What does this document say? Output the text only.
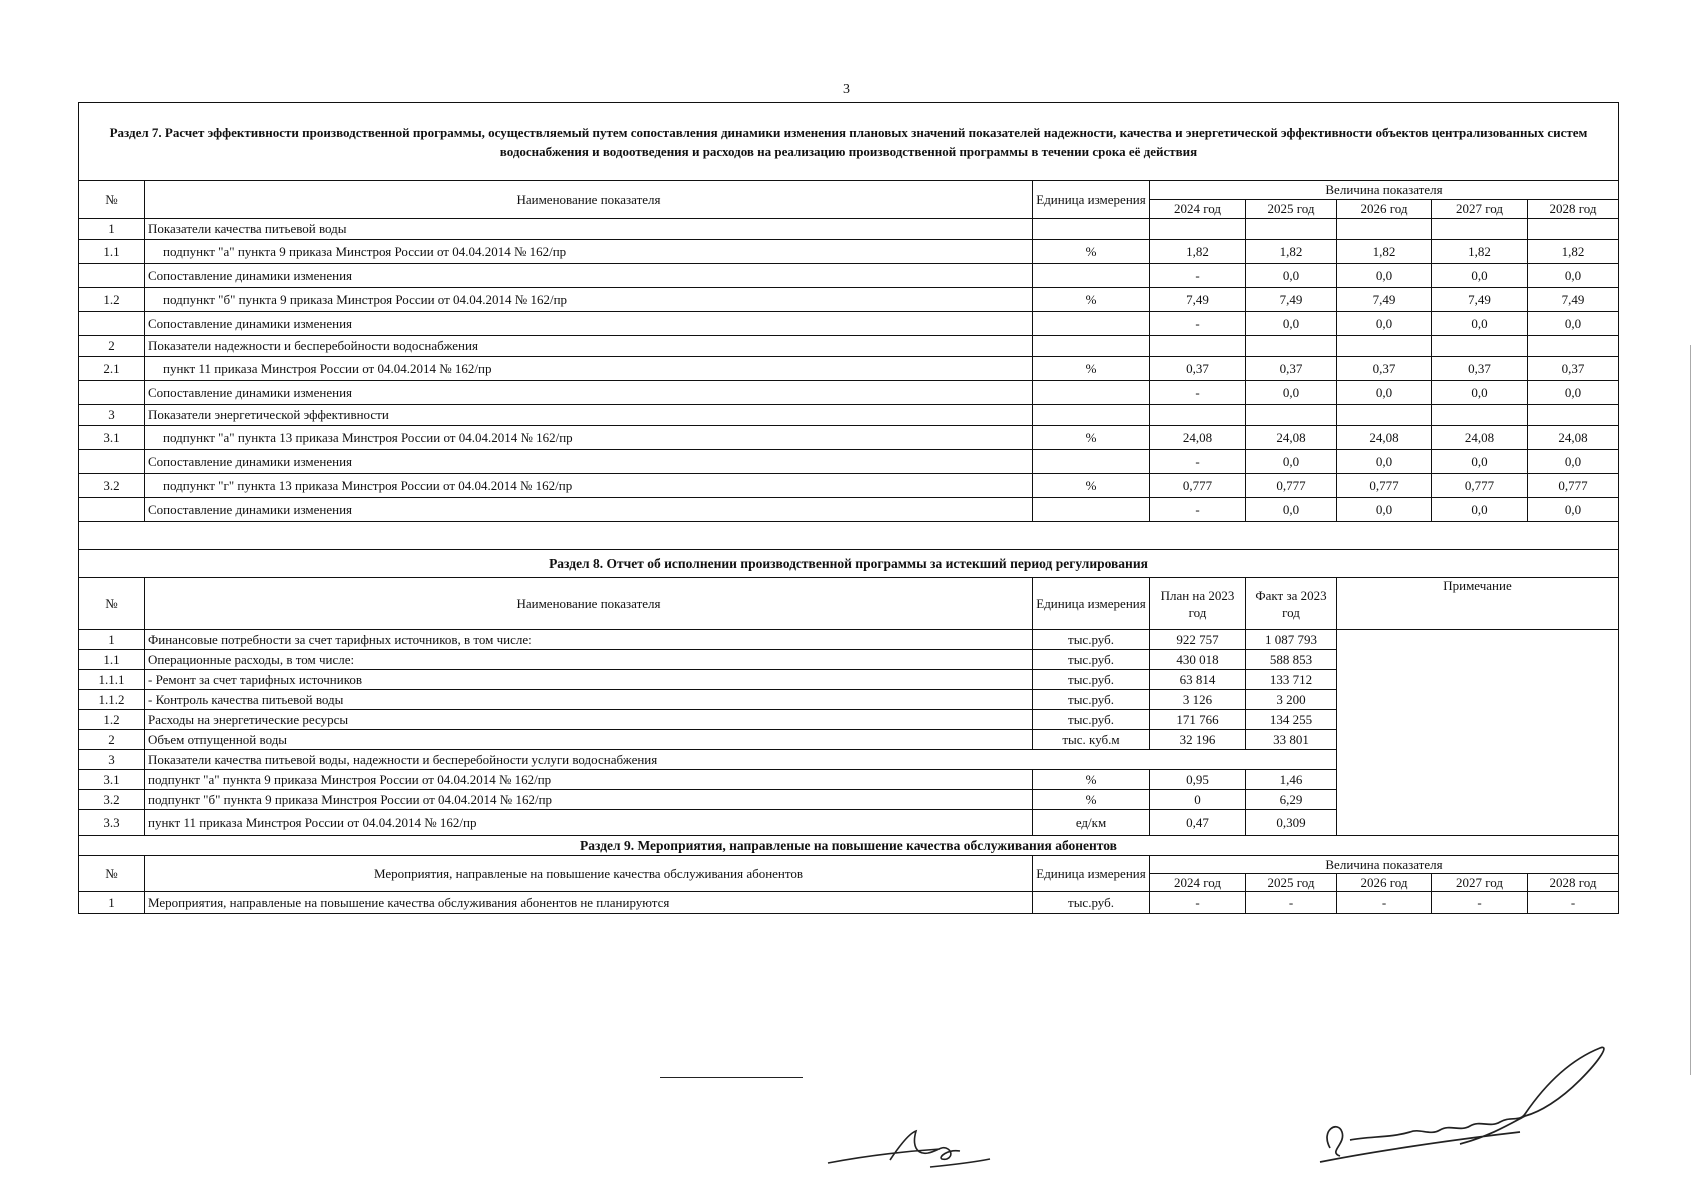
3
Раздел 7. Расчет эффективности производственной программы, осуществляемый путем сопоставления динамики изменения плановых значений показателей надежности, качества и энергетической эффективности объектов централизованных систем водоснабжения и водоотведения и расходов на реализацию производственной программы в течении срока её действия							
№	Наименование показателя	Единица измерения	Величина показателя				
			2024 год	2025 год	2026 год	2027 год	2028 год
1	Показатели качества питьевой воды						
1.1	подпункт "а" пункта 9 приказа Минстроя России от 04.04.2014 № 162/пр	%	1,82	1,82	1,82	1,82	1,82
	Сопоставление динамики изменения		-	0,0	0,0	0,0	0,0
1.2	подпункт "б" пункта 9 приказа Минстроя России от 04.04.2014 № 162/пр	%	7,49	7,49	7,49	7,49	7,49
	Сопоставление динамики изменения		-	0,0	0,0	0,0	0,0
2	Показатели надежности и бесперебойности водоснабжения						
2.1	пункт 11 приказа Минстроя России от 04.04.2014 № 162/пр	%	0,37	0,37	0,37	0,37	0,37
	Сопоставление динамики изменения		-	0,0	0,0	0,0	0,0
3	Показатели энергетической эффективности						
3.1	подпункт "а" пункта 13 приказа Минстроя России от 04.04.2014 № 162/пр	%	24,08	24,08	24,08	24,08	24,08
	Сопоставление динамики изменения		-	0,0	0,0	0,0	0,0
3.2	подпункт "г" пункта 13 приказа Минстроя России от 04.04.2014 № 162/пр	%	0,777	0,777	0,777	0,777	0,777
	Сопоставление динамики изменения		-	0,0	0,0	0,0	0,0

Раздел 8. Отчет об исполнении производственной программы за истекший период регулирования							
№	Наименование показателя	Единица измерения	План на 2023 год	Факт за 2023 год	Примечание		
1	Финансовые потребности за счет тарифных источников, в том числе:	тыс.руб.	922 757	1 087 793			
1.1	Операционные расходы, в том числе:	тыс.руб.	430 018	588 853			
1.1.1	- Ремонт за счет тарифных источников	тыс.руб.	63 814	133 712			
1.1.2	- Контроль качества питьевой воды	тыс.руб.	3 126	3 200			
1.2	Расходы на энергетические ресурсы	тыс.руб.	171 766	134 255			
2	Объем отпущенной воды	тыс. куб.м	32 196	33 801			
3	Показатели качества питьевой воды, надежности и бесперебойности услуги водоснабжения						
3.1	подпункт "а" пункта 9 приказа Минстроя России от 04.04.2014 № 162/пр	%	0,95	1,46			
3.2	подпункт "б" пункта 9 приказа Минстроя России от 04.04.2014 № 162/пр	%	0	6,29			
3.3	пункт 11 приказа Минстроя России от 04.04.2014 № 162/пр	ед/км	0,47	0,309			
Раздел 9. Мероприятия, направленые на повышение качества обслуживания абонентов							
№	Мероприятия, направленые на повышение качества обслуживания абонентов	Единица измерения	Величина показателя				
			2024 год	2025 год	2026 год	2027 год	2028 год
1	Мероприятия, направленые на повышение качества обслуживания абонентов не планируются	тыс.руб.	-	-	-	-	-
